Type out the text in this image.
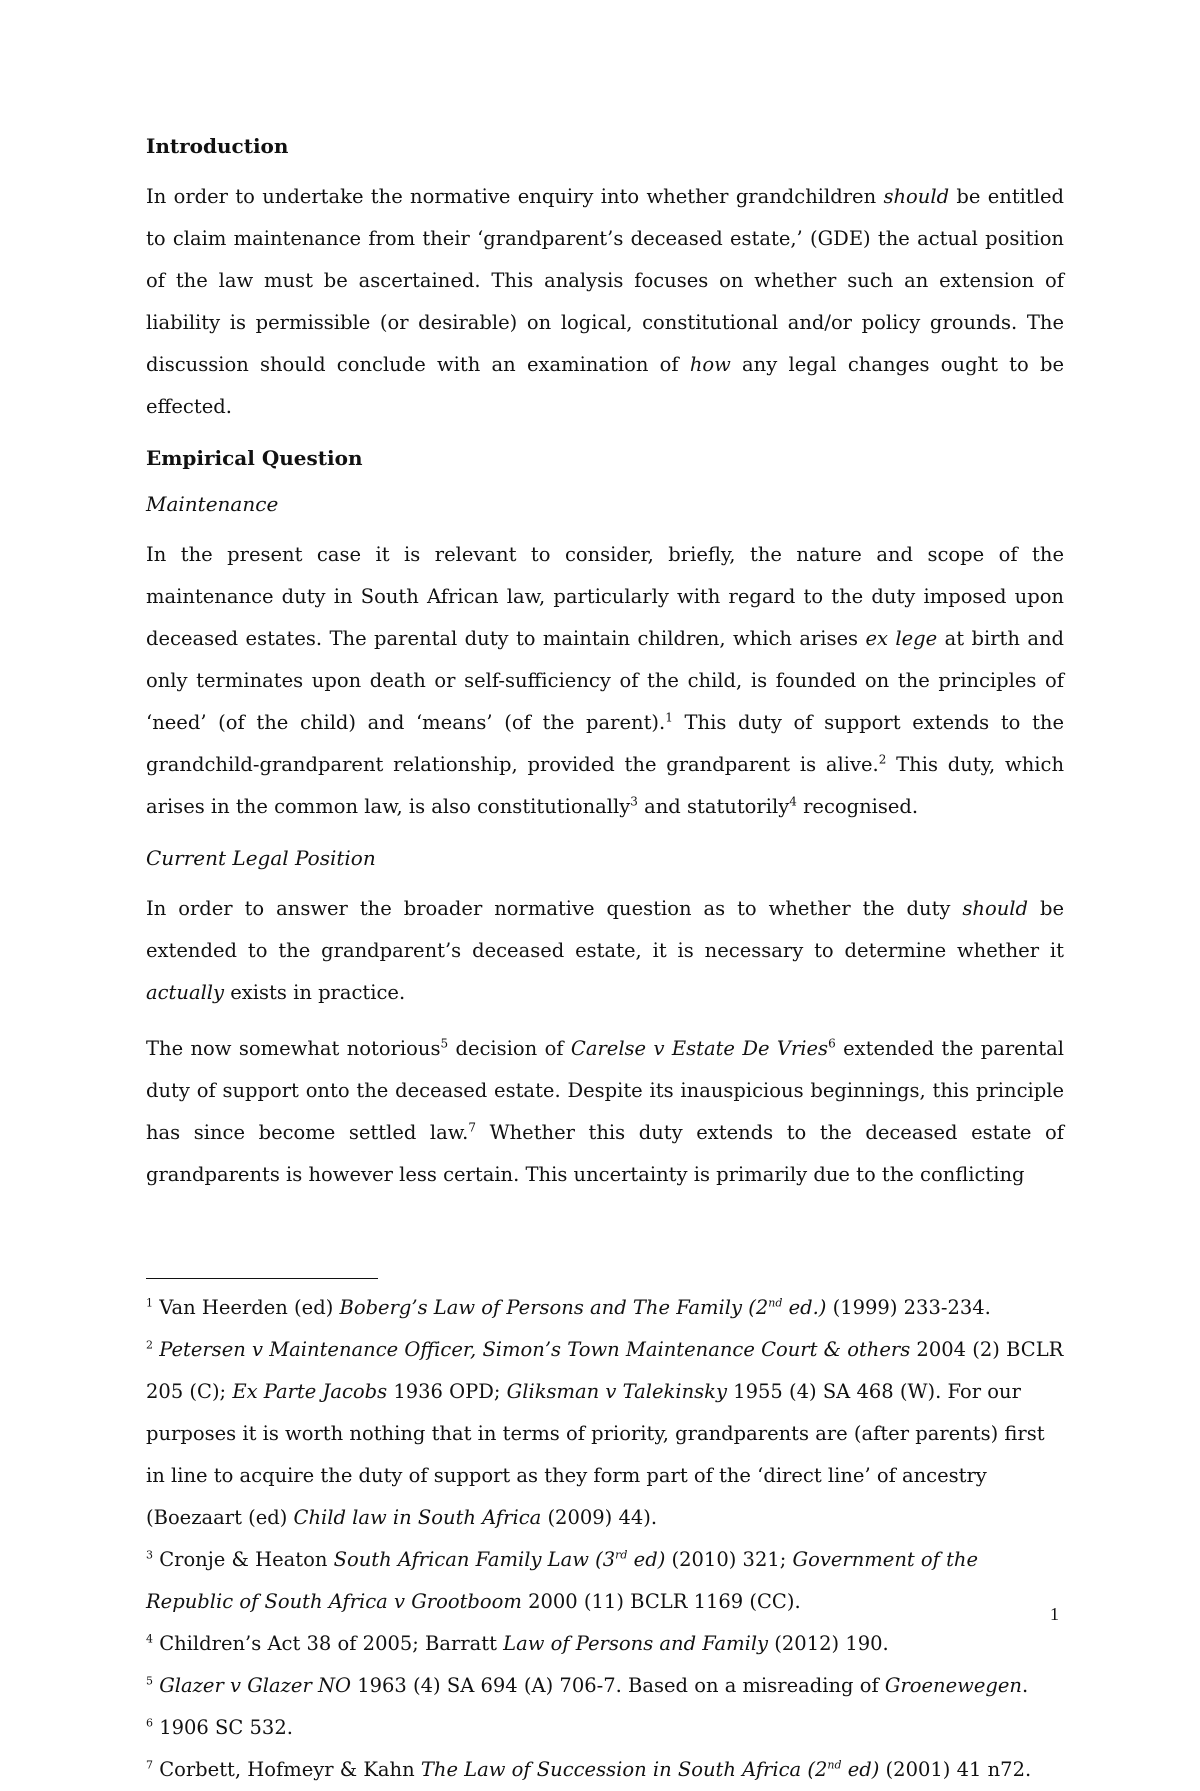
Introduction

In order to undertake the normative enquiry into whether grandchildren should be entitled to claim maintenance from their ‘grandparent’s deceased estate,’ (GDE) the actual position of the law must be ascertained. This analysis focuses on whether such an extension of liability is permissible (or desirable) on logical, constitutional and/or policy grounds. The discussion should conclude with an examination of how any legal changes ought to be effected.

Empirical Question
Maintenance

In the present case it is relevant to consider, briefly, the nature and scope of the maintenance duty in South African law, particularly with regard to the duty imposed upon deceased estates. The parental duty to maintain children, which arises ex lege at birth and only terminates upon death or self-sufficiency of the child, is founded on the principles of ‘need’ (of the child) and ‘means’ (of the parent).$^1$ This duty of support extends to the grandchild-grandparent relationship, provided the grandparent is alive.$^2$ This duty, which arises in the common law, is also constitutionally$^3$ and statutorily$^4$ recognised.

Current Legal Position

In order to answer the broader normative question as to whether the duty should be extended to the grandparent’s deceased estate, it is necessary to determine whether it actually exists in practice.

The now somewhat notorious$^5$ decision of Carelse v Estate De Vries$^6$ extended the parental duty of support onto the deceased estate. Despite its inauspicious beginnings, this principle has since become settled law.$^7$ Whether this duty extends to the deceased estate of grandparents is however less certain. This uncertainty is primarily due to the conflicting

$^1$ Van Heerden (ed) Boberg’s Law of Persons and The Family (2nd ed.) (1999) 233-234.

$^2$ Petersen v Maintenance Officer, Simon’s Town Maintenance Court & others 2004 (2) BCLR 205 (C); Ex Parte Jacobs 1936 OPD; Gliksman v Talekinsky 1955 (4) SA 468 (W). For our purposes it is worth nothing that in terms of priority, grandparents are (after parents) first in line to acquire the duty of support as they form part of the ‘direct line’ of ancestry (Boezaart (ed) Child law in South Africa (2009) 44).

$^3$ Cronje & Heaton South African Family Law (3rd ed) (2010) 321; Government of the Republic of South Africa v Grootboom 2000 (11) BCLR 1169 (CC).

$^4$ Children’s Act 38 of 2005; Barratt Law of Persons and Family (2012) 190.

$^5$ Glazer v Glazer NO 1963 (4) SA 694 (A) 706-7. Based on a misreading of Groenewegen.

$^6$ 1906 SC 532.

$^7$ Corbett, Hofmeyr & Kahn The Law of Succession in South Africa (2nd ed) (2001) 41 n72.

1
